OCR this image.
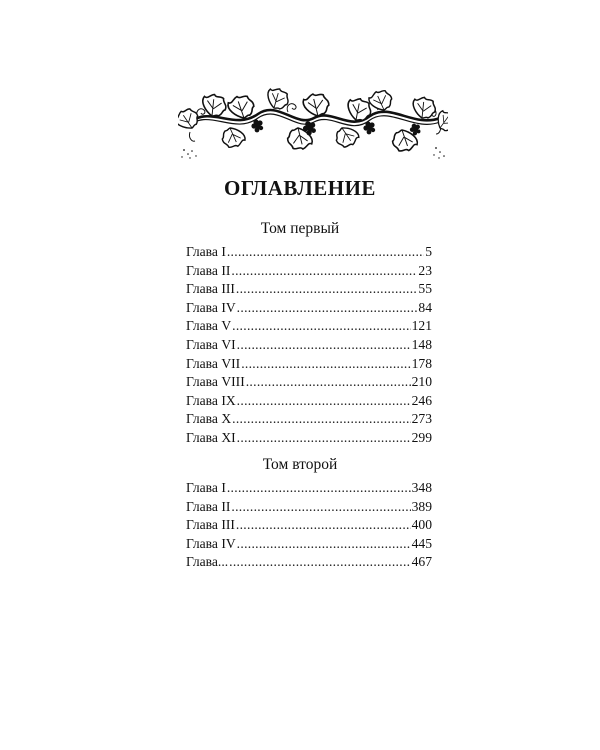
ОГЛАВЛЕНИЕ
Том первый
Глава I .....	5
Глава II .....	23
Глава III .....	55
Глава IV .....	84
Глава V .....	121
Глава VI .....	148
Глава VII .....	178
Глава VIII .....	210
Глава IX .....	246
Глава X .....	273
Глава XI .....	299
Том второй
Глава I .....	348
Глава II .....	389
Глава III .....	400
Глава IV .....	445
Глава... .....	467
